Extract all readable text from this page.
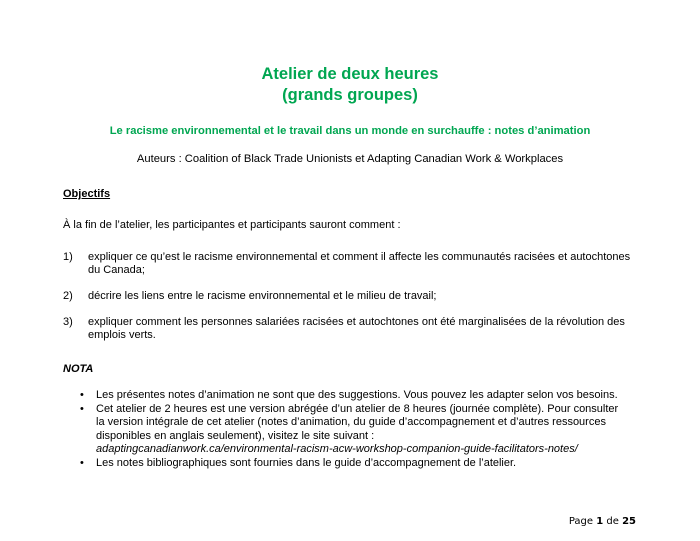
Atelier de deux heures
(grands groupes)
Le racisme environnemental et le travail dans un monde en surchauffe : notes d’animation
Auteurs : Coalition of Black Trade Unionists et Adapting Canadian Work & Workplaces
Objectifs
À la fin de l’atelier, les participantes et participants sauront comment :
1) expliquer ce qu’est le racisme environnemental et comment il affecte les communautés racisées et autochtones du Canada;
2) décrire les liens entre le racisme environnemental et le milieu de travail;
3) expliquer comment les personnes salariées racisées et autochtones ont été marginalisées de la révolution des emplois verts.
NOTA
• Les présentes notes d’animation ne sont que des suggestions. Vous pouvez les adapter selon vos besoins.
• Cet atelier de 2 heures est une version abrégée d’un atelier de 8 heures (journée complète). Pour consulter la version intégrale de cet atelier (notes d’animation, du guide d’accompagnement et d’autres ressources disponibles en anglais seulement), visitez le site suivant :
adaptingcanadianwork.ca/environmental-racism-acw-workshop-companion-guide-facilitators-notes/
• Les notes bibliographiques sont fournies dans le guide d’accompagnement de l’atelier.
Page 1 de 25
